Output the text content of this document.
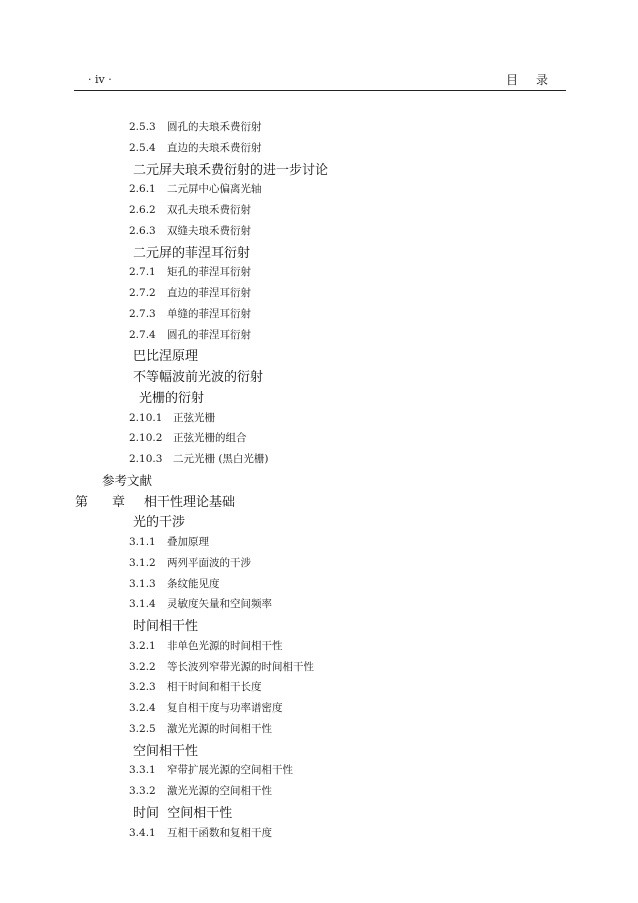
· iv ·	目录
2.5.3 圆孔的夫琅禾费衍射
2.5.4 直边的夫琅禾费衍射
二元屏夫琅禾费衍射的进一步讨论
2.6.1 二元屏中心偏离光轴
2.6.2 双孔夫琅禾费衍射
2.6.3 双缝夫琅禾费衍射
二元屏的菲涅耳衍射
2.7.1 矩孔的菲涅耳衍射
2.7.2 直边的菲涅耳衍射
2.7.3 单缝的菲涅耳衍射
2.7.4 圆孔的菲涅耳衍射
巴比涅原理
不等幅波前光波的衍射
光栅的衍射
2.10.1 正弦光栅
2.10.2 正弦光栅的组合
2.10.3 二元光栅 (黑白光栅)
参考文献
第 章 相干性理论基础
光的干涉
3.1.1 叠加原理
3.1.2 两列平面波的干涉
3.1.3 条纹能见度
3.1.4 灵敏度矢量和空间频率
时间相干性
3.2.1 非单色光源的时间相干性
3.2.2 等长波列窄带光源的时间相干性
3.2.3 相干时间和相干长度
3.2.4 复自相干度与功率谱密度
3.2.5 激光光源的时间相干性
空间相干性
3.3.1 窄带扩展光源的空间相干性
3.3.2 激光光源的空间相干性
时间  空间相干性
3.4.1 互相干函数和复相干度
